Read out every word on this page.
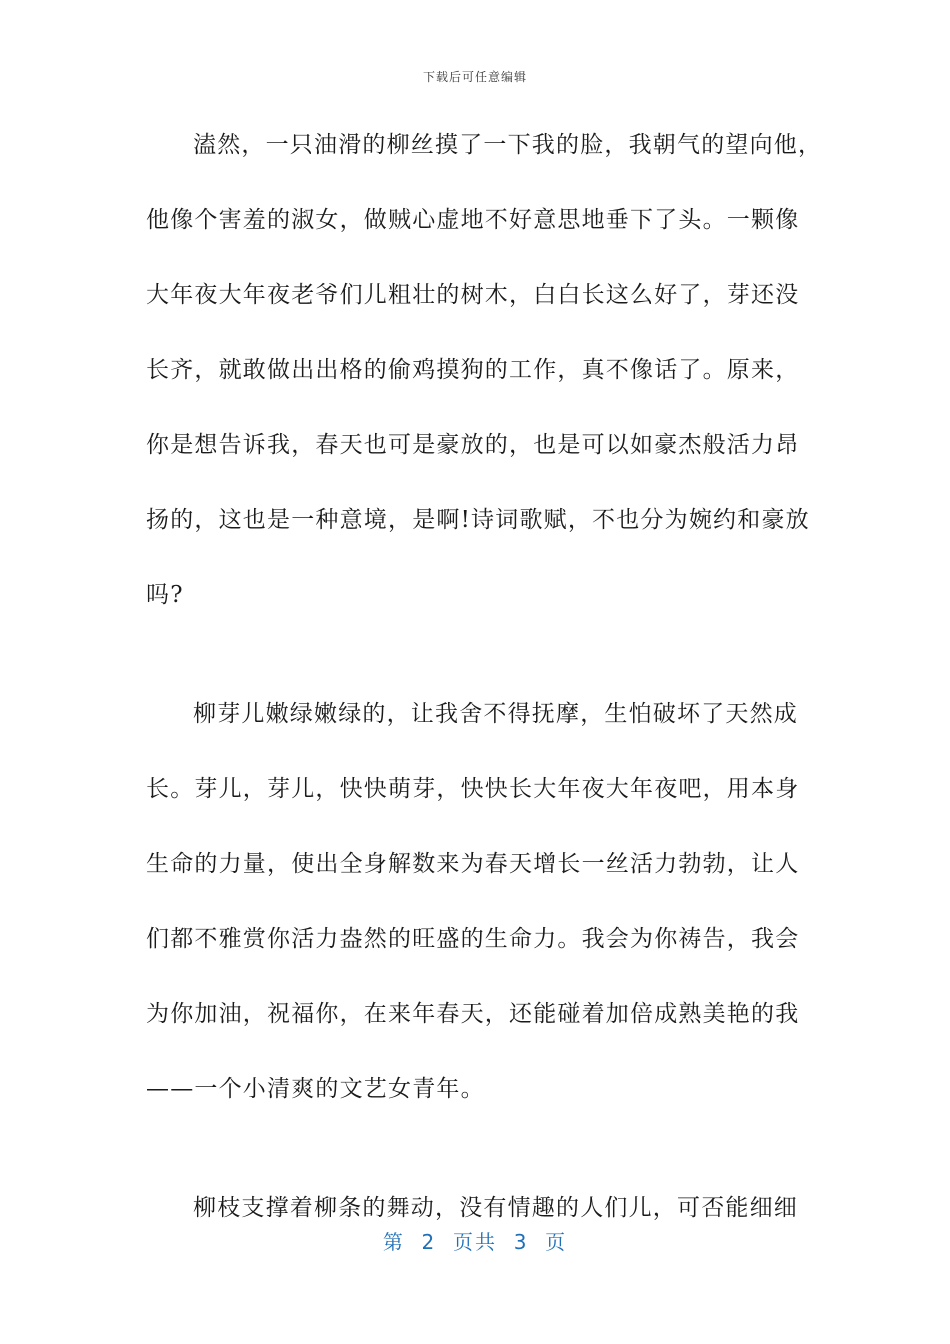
下载后可任意编辑
溘然，一只油滑的柳丝摸了一下我的脸，我朝气的望向他，
他像个害羞的淑女，做贼心虚地不好意思地垂下了头。一颗像
大年夜大年夜老爷们儿粗壮的树木，白白长这么好了，芽还没
长齐，就敢做出出格的偷鸡摸狗的工作，真不像话了。原来，
你是想告诉我，春天也可是豪放的，也是可以如豪杰般活力昂
扬的，这也是一种意境，是啊!诗词歌赋，不也分为婉约和豪放
吗?
柳芽儿嫩绿嫩绿的，让我舍不得抚摩，生怕破坏了天然成
长。芽儿，芽儿，快快萌芽，快快长大年夜大年夜吧，用本身
生命的力量，使出全身解数来为春天增长一丝活力勃勃，让人
们都不雅赏你活力盎然的旺盛的生命力。我会为你祷告，我会
为你加油，祝福你，在来年春天，还能碰着加倍成熟美艳的我
——一个小清爽的文艺女青年。
柳枝支撑着柳条的舞动，没有情趣的人们儿，可否能细细
第  2  页共  3  页
